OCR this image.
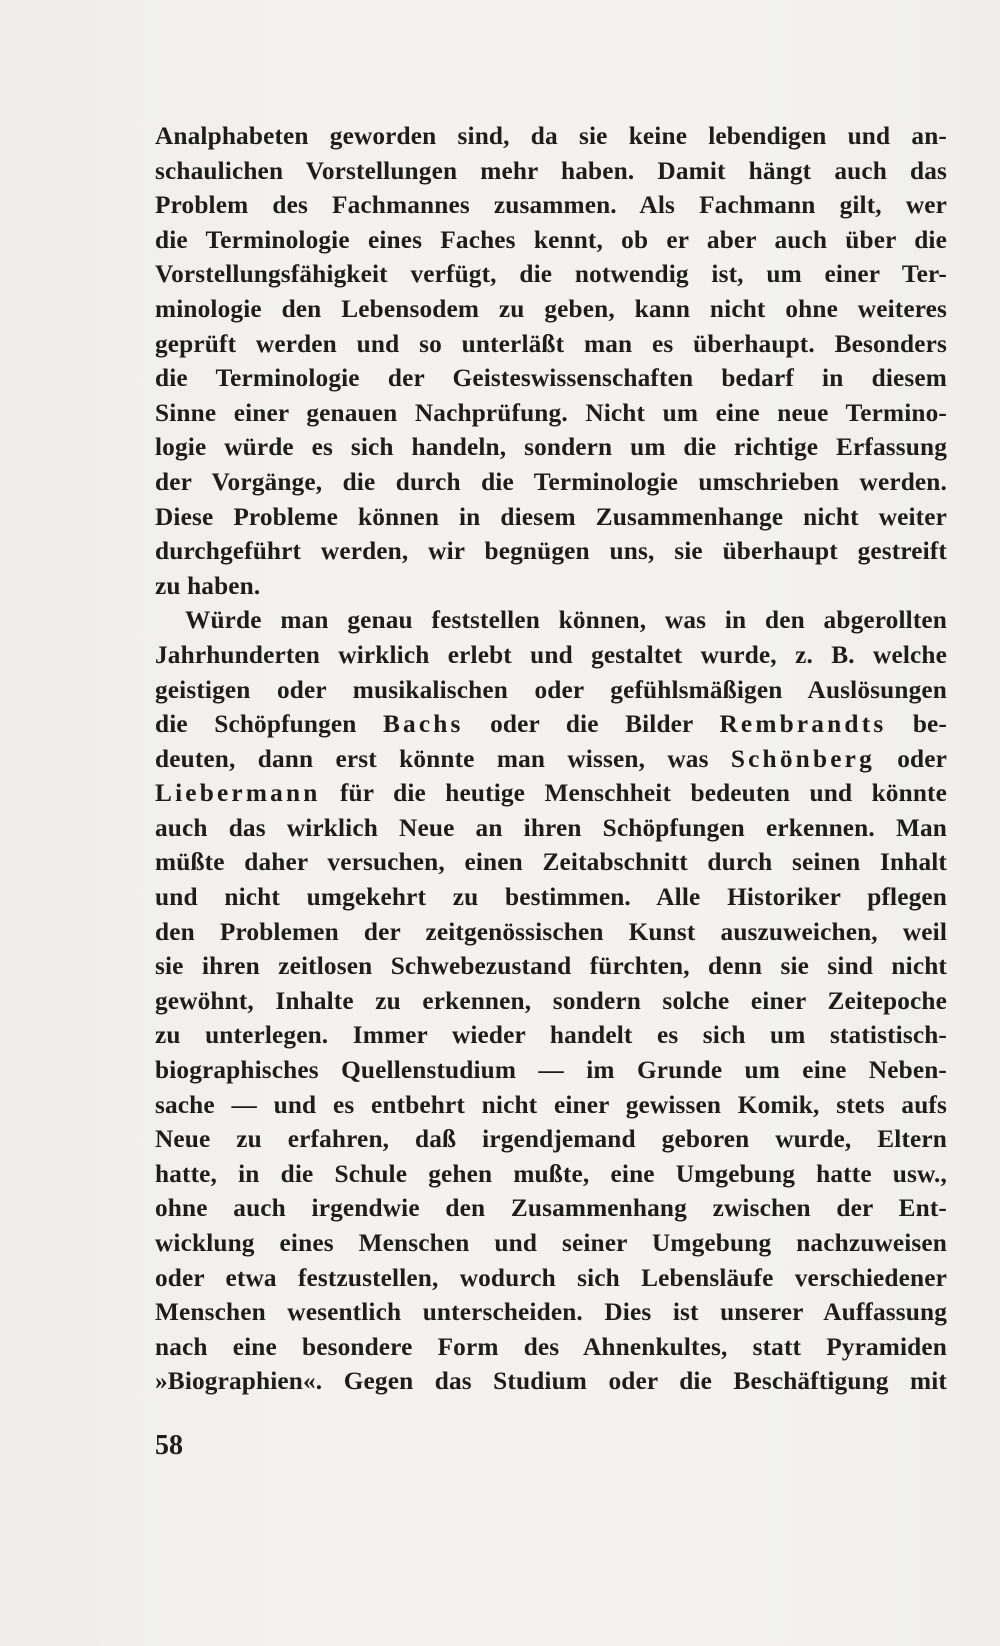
Analphabeten geworden sind, da sie keine lebendigen und an-
schaulichen Vorstellungen mehr haben. Damit hängt auch das
Problem des Fachmannes zusammen. Als Fachmann gilt, wer
die Terminologie eines Faches kennt, ob er aber auch über die
Vorstellungsfähigkeit verfügt, die notwendig ist, um einer Ter-
minologie den Lebensodem zu geben, kann nicht ohne weiteres
geprüft werden und so unterläßt man es überhaupt. Besonders
die Terminologie der Geisteswissenschaften bedarf in diesem
Sinne einer genauen Nachprüfung. Nicht um eine neue Termino-
logie würde es sich handeln, sondern um die richtige Erfassung
der Vorgänge, die durch die Terminologie umschrieben werden.
Diese Probleme können in diesem Zusammenhange nicht weiter
durchgeführt werden, wir begnügen uns, sie überhaupt gestreift
zu haben.
Würde man genau feststellen können, was in den abgerollten
Jahrhunderten wirklich erlebt und gestaltet wurde, z. B. welche
geistigen oder musikalischen oder gefühlsmäßigen Auslösungen
die Schöpfungen Bachs oder die Bilder Rembrandts be-
deuten, dann erst könnte man wissen, was Schönberg oder
Liebermann für die heutige Menschheit bedeuten und könnte
auch das wirklich Neue an ihren Schöpfungen erkennen. Man
müßte daher versuchen, einen Zeitabschnitt durch seinen Inhalt
und nicht umgekehrt zu bestimmen. Alle Historiker pflegen
den Problemen der zeitgenössischen Kunst auszuweichen, weil
sie ihren zeitlosen Schwebezustand fürchten, denn sie sind nicht
gewöhnt, Inhalte zu erkennen, sondern solche einer Zeitepoche
zu unterlegen. Immer wieder handelt es sich um statistisch-
biographisches Quellenstudium — im Grunde um eine Neben-
sache — und es entbehrt nicht einer gewissen Komik, stets aufs
Neue zu erfahren, daß irgendjemand geboren wurde, Eltern
hatte, in die Schule gehen mußte, eine Umgebung hatte usw.,
ohne auch irgendwie den Zusammenhang zwischen der Ent-
wicklung eines Menschen und seiner Umgebung nachzuweisen
oder etwa festzustellen, wodurch sich Lebensläufe verschiedener
Menschen wesentlich unterscheiden. Dies ist unserer Auffassung
nach eine besondere Form des Ahnenkultes, statt Pyramiden
»Biographien«. Gegen das Studium oder die Beschäftigung mit
58
